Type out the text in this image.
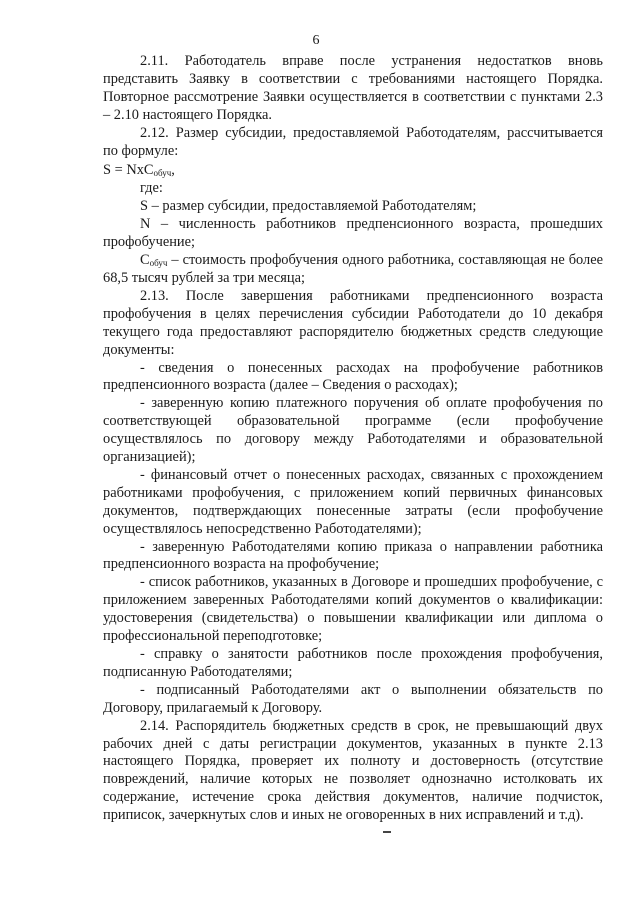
6

2.11. Работодатель вправе после устранения недостатков вновь представить Заявку в соответствии с требованиями настоящего Порядка. Повторное рассмотрение Заявки осуществляется в соответствии с пунктами 2.3 – 2.10 настоящего Порядка.

2.12. Размер субсидии, предоставляемой Работодателям, рассчитывается по формуле:

S = NxC$_{обуч}$,

где:

S – размер субсидии, предоставляемой Работодателям;

N – численность работников предпенсионного возраста, прошедших профобучение;

$C_{обуч}$ – стоимость профобучения одного работника, составляющая не более 68,5 тысяч рублей за три месяца;

2.13. После завершения работниками предпенсионного возраста профобучения в целях перечисления субсидии Работодатели до 10 декабря текущего года предоставляют распорядителю бюджетных средств следующие документы:

- сведения о понесенных расходах на профобучение работников предпенсионного возраста (далее – Сведения о расходах);

- заверенную копию платежного поручения об оплате профобучения по соответствующей образовательной программе (если профобучение осуществлялось по договору между Работодателями и образовательной организацией);

- финансовый отчет о понесенных расходах, связанных с прохождением работниками профобучения, с приложением копий первичных финансовых документов, подтверждающих понесенные затраты (если профобучение осуществлялось непосредственно Работодателями);

- заверенную Работодателями копию приказа о направлении работника предпенсионного возраста на профобучение;

- список работников, указанных в Договоре и прошедших профобучение, с приложением заверенных Работодателями копий документов о квалификации: удостоверения (свидетельства) о повышении квалификации или диплома о профессиональной переподготовке;

- справку о занятости работников после прохождения профобучения, подписанную Работодателями;

- подписанный Работодателями акт о выполнении обязательств по Договору, прилагаемый к Договору.

2.14. Распорядитель бюджетных средств в срок, не превышающий двух рабочих дней с даты регистрации документов, указанных в пункте 2.13 настоящего Порядка, проверяет их полноту и достоверность (отсутствие повреждений, наличие которых не позволяет однозначно истолковать их содержание, истечение срока действия документов, наличие подчисток, приписок, зачеркнутых слов и иных не оговоренных в них исправлений и т.д).
